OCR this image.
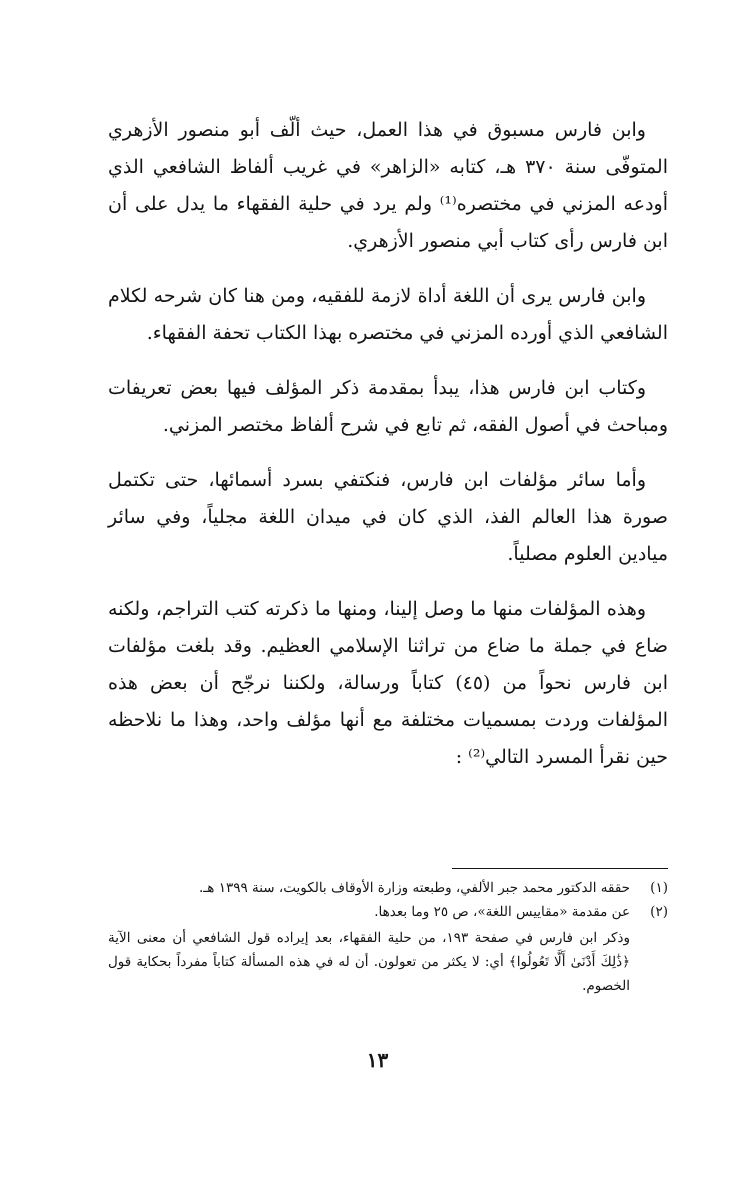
وابن فارس مسبوق في هذا العمل، حيث ألّف أبو منصور الأزهري المتوفّى سنة ٣٧٠ هـ، كتابه «الزاهر» في غريب ألفاظ الشافعي الذي أودعه المزني في مختصره⁽¹⁾ ولم يرد في حلية الفقهاء ما يدل على أن ابن فارس رأى كتاب أبي منصور الأزهري.

وابن فارس يرى أن اللغة أداة لازمة للفقيه، ومن هنا كان شرحه لكلام الشافعي الذي أورده المزني في مختصره بهذا الكتاب تحفة الفقهاء.

وكتاب ابن فارس هذا، يبدأ بمقدمة ذكر المؤلف فيها بعض تعريفات ومباحث في أصول الفقه، ثم تابع في شرح ألفاظ مختصر المزني.

وأما سائر مؤلفات ابن فارس، فنكتفي بسرد أسمائها، حتى تكتمل صورة هذا العالم الفذ، الذي كان في ميدان اللغة مجلياً، وفي سائر ميادين العلوم مصلياً.

وهذه المؤلفات منها ما وصل إلينا، ومنها ما ذكرته كتب التراجم، ولكنه ضاع في جملة ما ضاع من تراثنا الإسلامي العظيم. وقد بلغت مؤلفات ابن فارس نحواً من (٤٥) كتاباً ورسالة، ولكننا نرجّح أن بعض هذه المؤلفات وردت بمسميات مختلفة مع أنها مؤلف واحد، وهذا ما نلاحظه حين نقرأ المسرد التالي⁽²⁾ :

(١)
حققه الدكتور محمد جبر الألفي، وطبعته وزارة الأوقاف بالكويت، سنة ١٣٩٩ هـ.
(٢)
عن مقدمة «مقاييس اللغة»، ص ٢٥ وما بعدها.

وذكر ابن فارس في صفحة ١٩٣، من حلية الفقهاء، بعد إيراده قول الشافعي أن معنى الآية ﴿ذَٰلِكَ أَدْنَىٰ أَلَّا تَعُولُوا﴾ أي: لا يكثر من تعولون. أن له في هذه المسألة كتاباً مفرداً بحكاية قول الخصوم.

١٣
